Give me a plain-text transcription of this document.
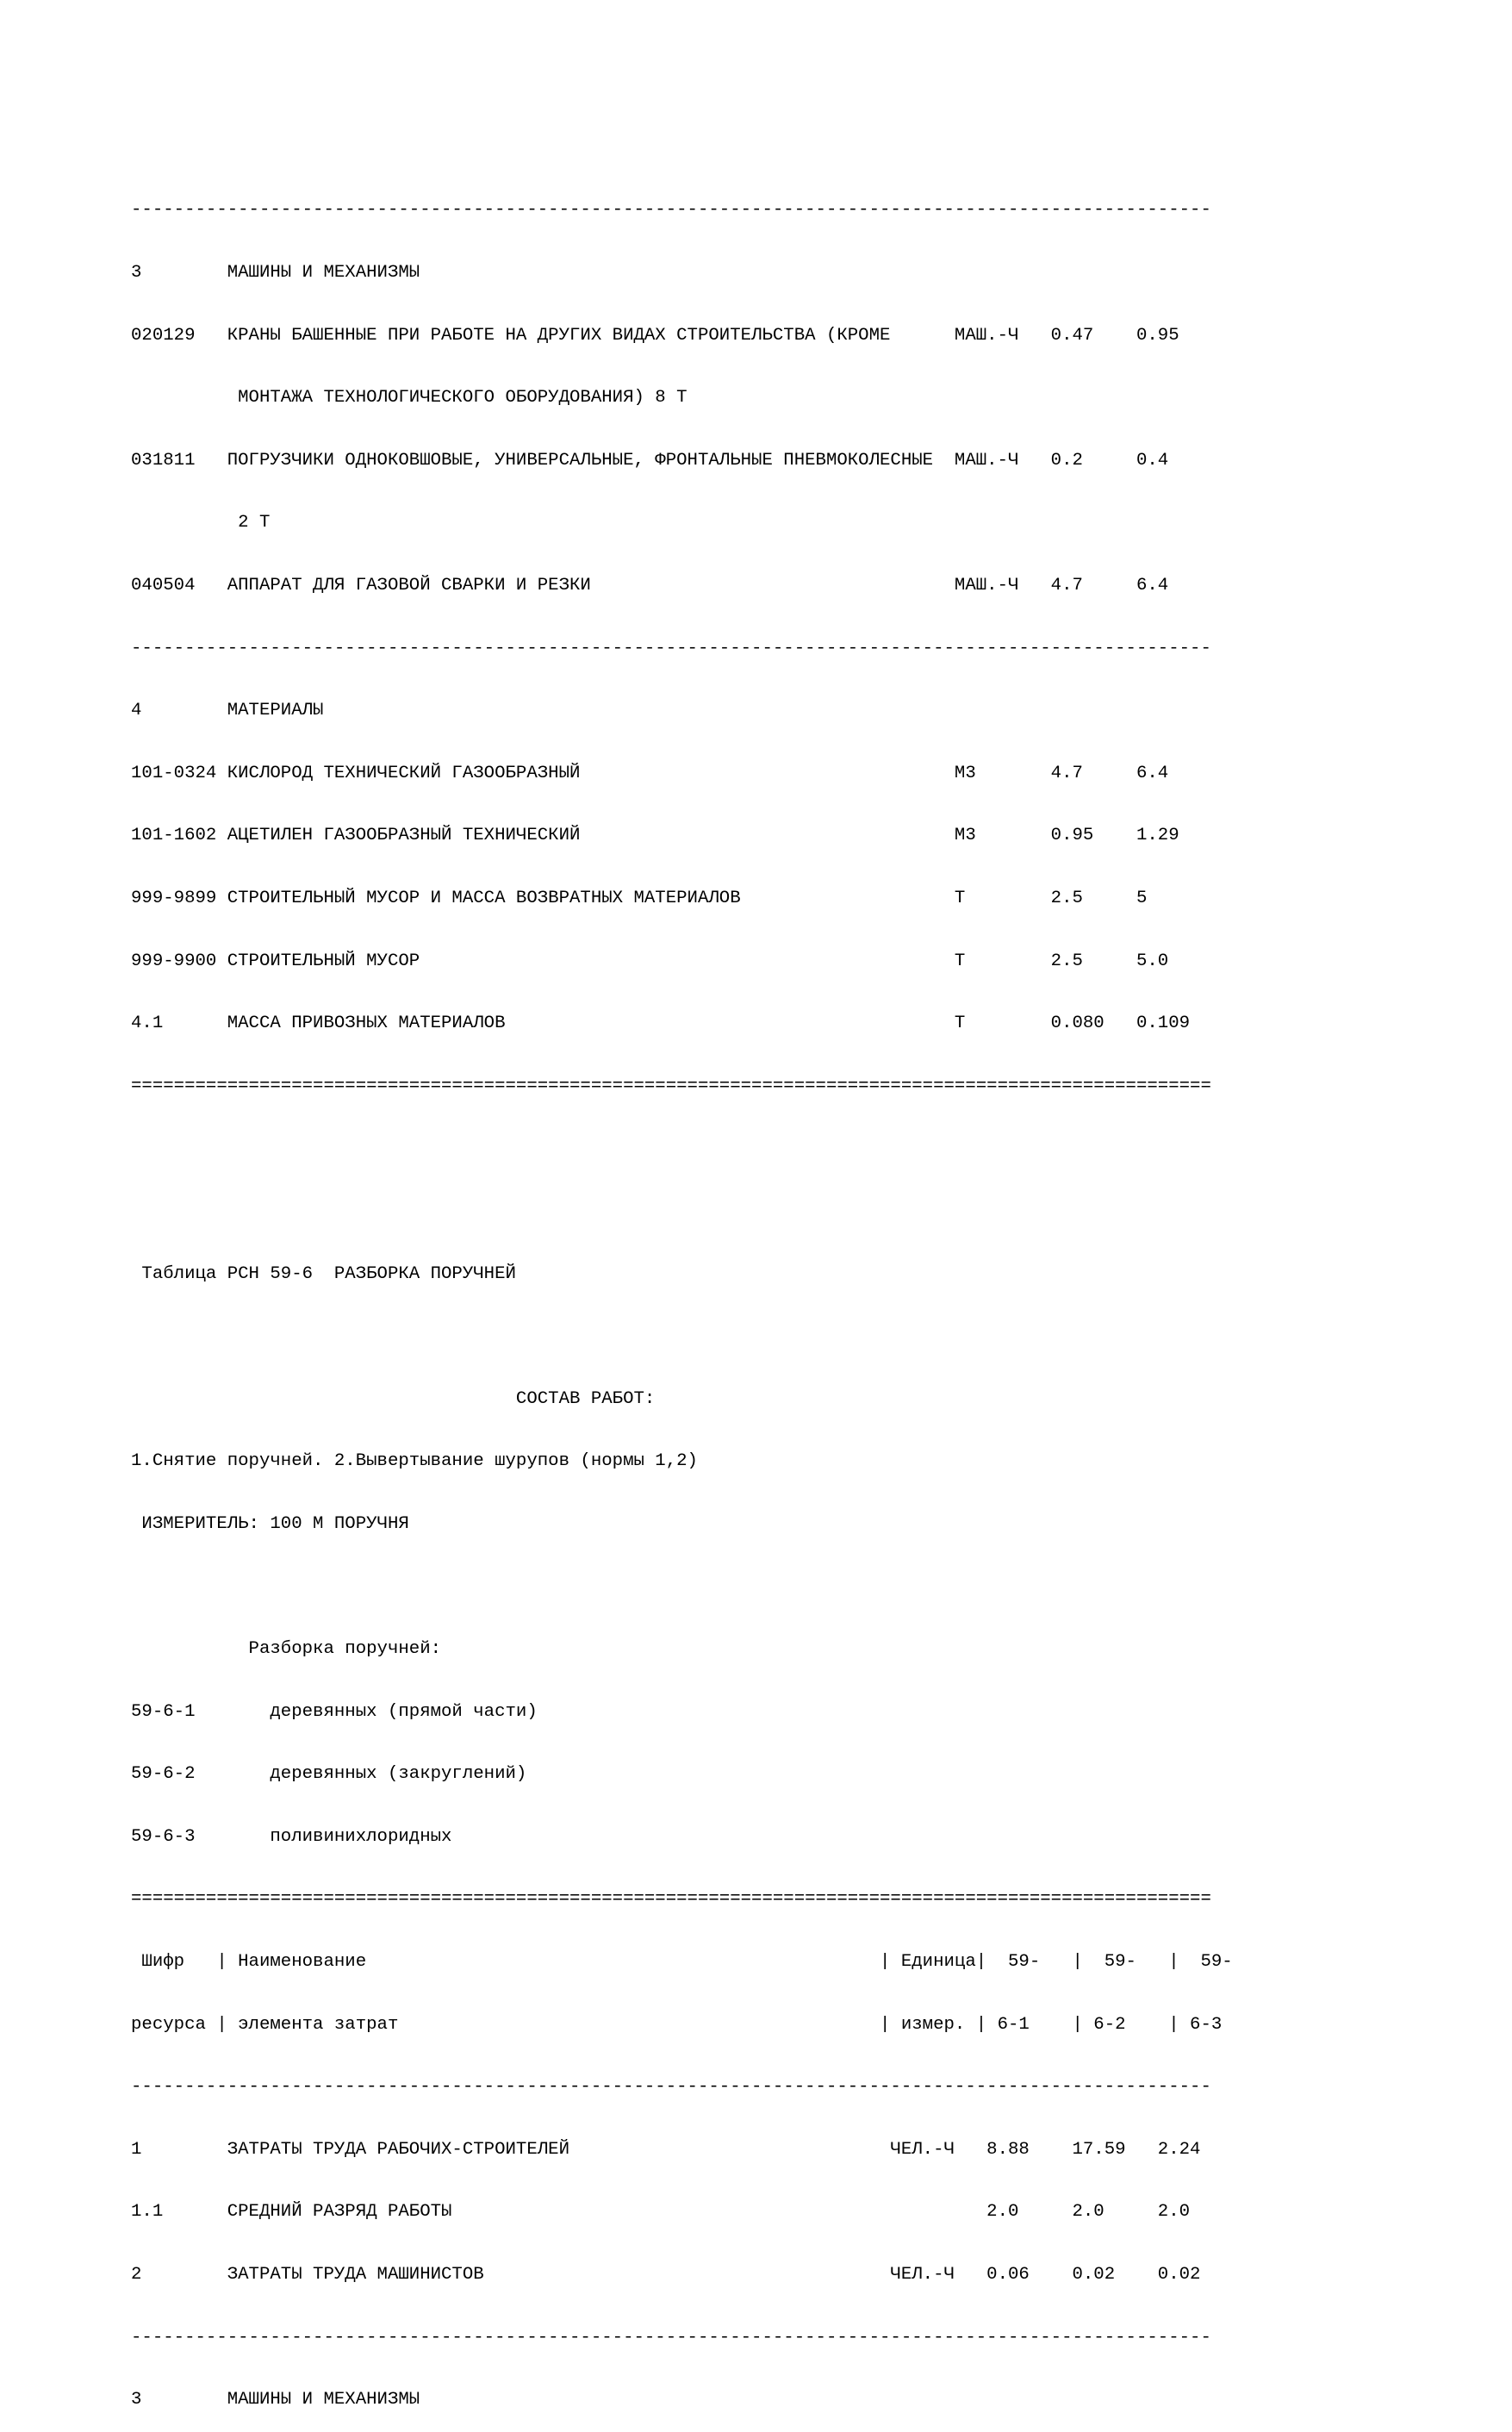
-----------------------------------------------------------------------------------------------------

3        МАШИНЫ И МЕХАНИЗМЫ

020129   КРАНЫ БАШЕННЫЕ ПРИ РАБОТЕ НА ДРУГИХ ВИДАХ СТРОИТЕЛЬСТВА (КРОМЕ      МАШ.-Ч   0.47    0.95

МОНТАЖА ТЕХНОЛОГИЧЕСКОГО ОБОРУДОВАНИЯ) 8 Т

031811   ПОГРУЗЧИКИ ОДНОКОВШОВЫЕ, УНИВЕРСАЛЬНЫЕ, ФРОНТАЛЬНЫЕ ПНЕВМОКОЛЕСНЫЕ  МАШ.-Ч   0.2     0.4

2 Т

040504   АППАРАТ ДЛЯ ГАЗОВОЙ СВАРКИ И РЕЗКИ                                  МАШ.-Ч   4.7     6.4

-----------------------------------------------------------------------------------------------------

4        МАТЕРИАЛЫ

101-0324 КИСЛОРОД ТЕХНИЧЕСКИЙ ГАЗООБРАЗНЫЙ                                   М3       4.7     6.4

101-1602 АЦЕТИЛЕН ГАЗООБРАЗНЫЙ ТЕХНИЧЕСКИЙ                                   М3       0.95    1.29

999-9899 СТРОИТЕЛЬНЫЙ МУСОР И МАССА ВОЗВРАТНЫХ МАТЕРИАЛОВ                    Т        2.5     5

999-9900 СТРОИТЕЛЬНЫЙ МУСОР                                                  Т        2.5     5.0

4.1      МАССА ПРИВОЗНЫХ МАТЕРИАЛОВ                                          Т        0.080   0.109

=====================================================================================================

Таблица РСН 59-6  РАЗБОРКА ПОРУЧНЕЙ

СОСТАВ РАБОТ:

1.Снятие поручней. 2.Вывертывание шурупов (нормы 1,2)

ИЗМЕРИТЕЛЬ: 100 М ПОРУЧНЯ

Разборка поручней:

59-6-1       деревянных (прямой части)

59-6-2       деревянных (закруглений)

59-6-3       поливинихлоридных

=====================================================================================================

Шифр   | Наименование                                                | Единица|  59-   |  59-   |  59-

ресурса | элемента затрат                                             | измер. | 6-1    | 6-2    | 6-3

-----------------------------------------------------------------------------------------------------

1        ЗАТРАТЫ ТРУДА РАБОЧИХ-СТРОИТЕЛЕЙ                              ЧЕЛ.-Ч   8.88    17.59   2.24

1.1      СРЕДНИЙ РАЗРЯД РАБОТЫ                                                  2.0     2.0     2.0

2        ЗАТРАТЫ ТРУДА МАШИНИСТОВ                                      ЧЕЛ.-Ч   0.06    0.02    0.02

-----------------------------------------------------------------------------------------------------

3        МАШИНЫ И МЕХАНИЗМЫ
